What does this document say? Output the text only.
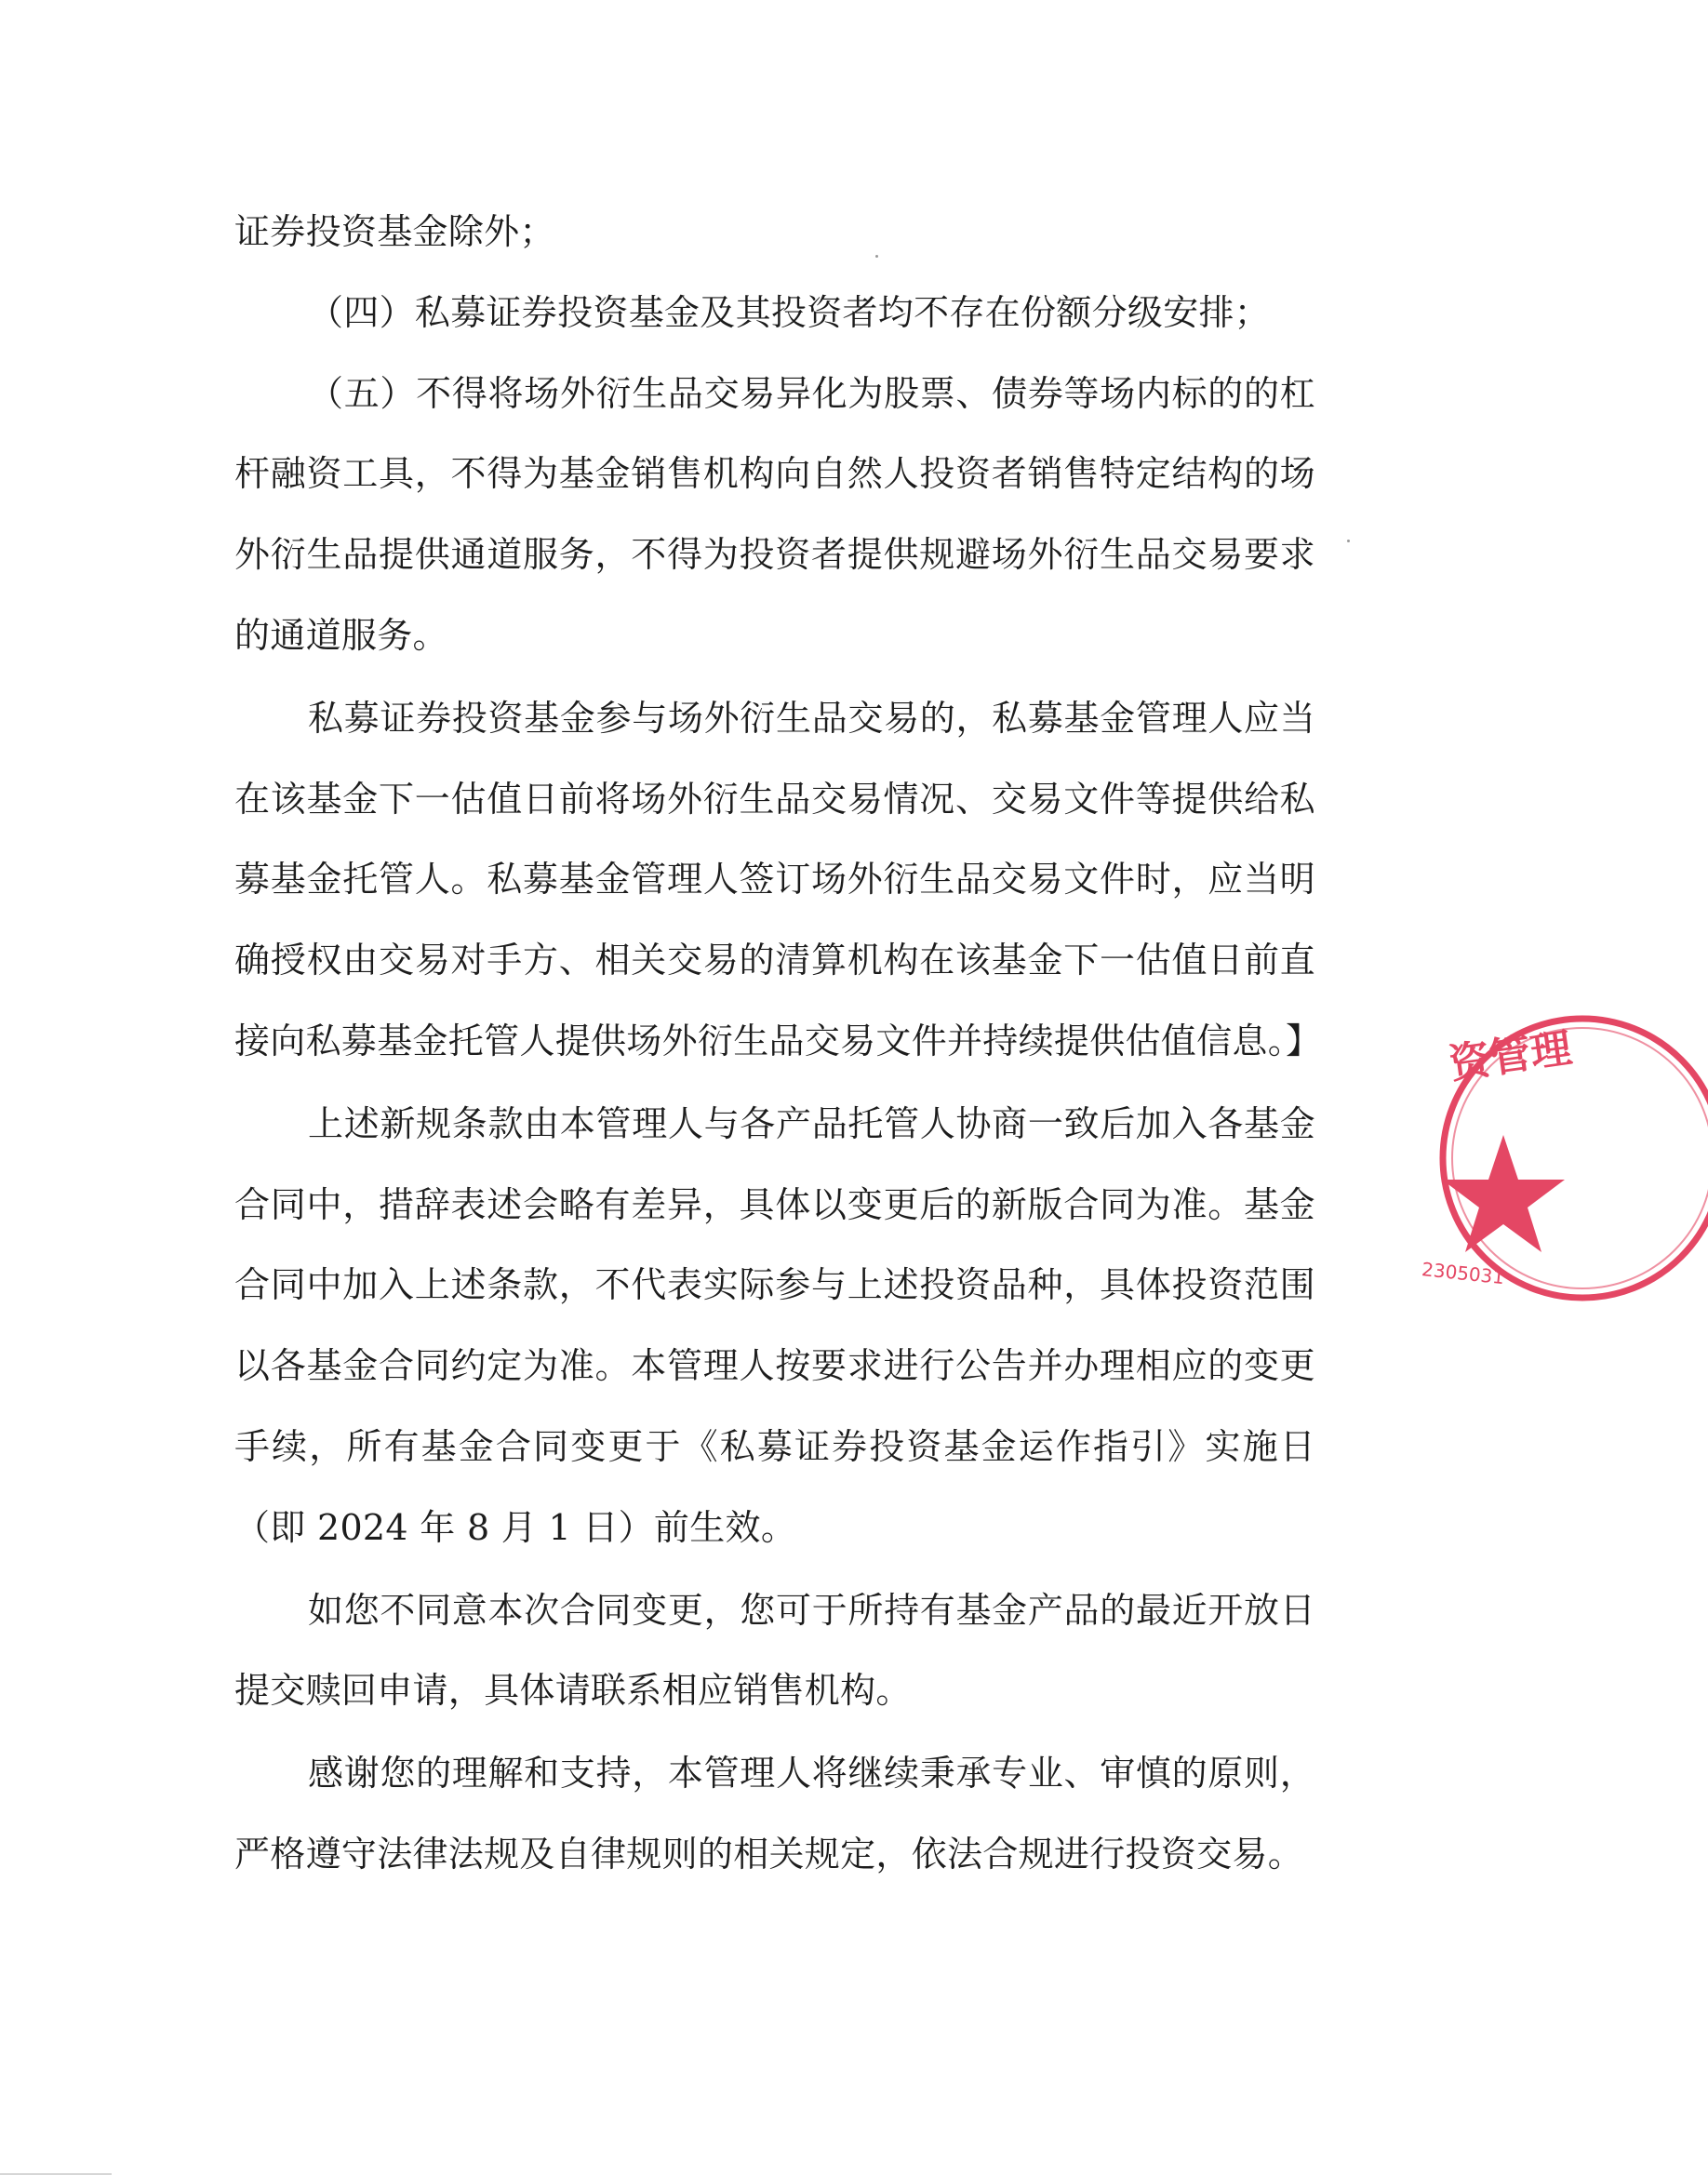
证券投资基金除外；

（四）私募证券投资基金及其投资者均不存在份额分级安排；

（五）不得将场外衍生品交易异化为股票、债券等场内标的的杠杆融资工具，不得为基金销售机构向自然人投资者销售特定结构的场外衍生品提供通道服务，不得为投资者提供规避场外衍生品交易要求的通道服务。

私募证券投资基金参与场外衍生品交易的，私募基金管理人应当在该基金下一估值日前将场外衍生品交易情况、交易文件等提供给私募基金托管人。私募基金管理人签订场外衍生品交易文件时，应当明确授权由交易对手方、相关交易的清算机构在该基金下一估值日前直接向私募基金托管人提供场外衍生品交易文件并持续提供估值信息。】

上述新规条款由本管理人与各产品托管人协商一致后加入各基金合同中，措辞表述会略有差异，具体以变更后的新版合同为准。基金合同中加入上述条款，不代表实际参与上述投资品种，具体投资范围以各基金合同约定为准。本管理人按要求进行公告并办理相应的变更手续，所有基金合同变更于《私募证券投资基金运作指引》实施日（即 2024 年 8 月 1 日）前生效。

如您不同意本次合同变更，您可于所持有基金产品的最近开放日提交赎回申请，具体请联系相应销售机构。

感谢您的理解和支持，本管理人将继续秉承专业、审慎的原则，严格遵守法律法规及自律规则的相关规定，依法合规进行投资交易。

资管理
2305031
